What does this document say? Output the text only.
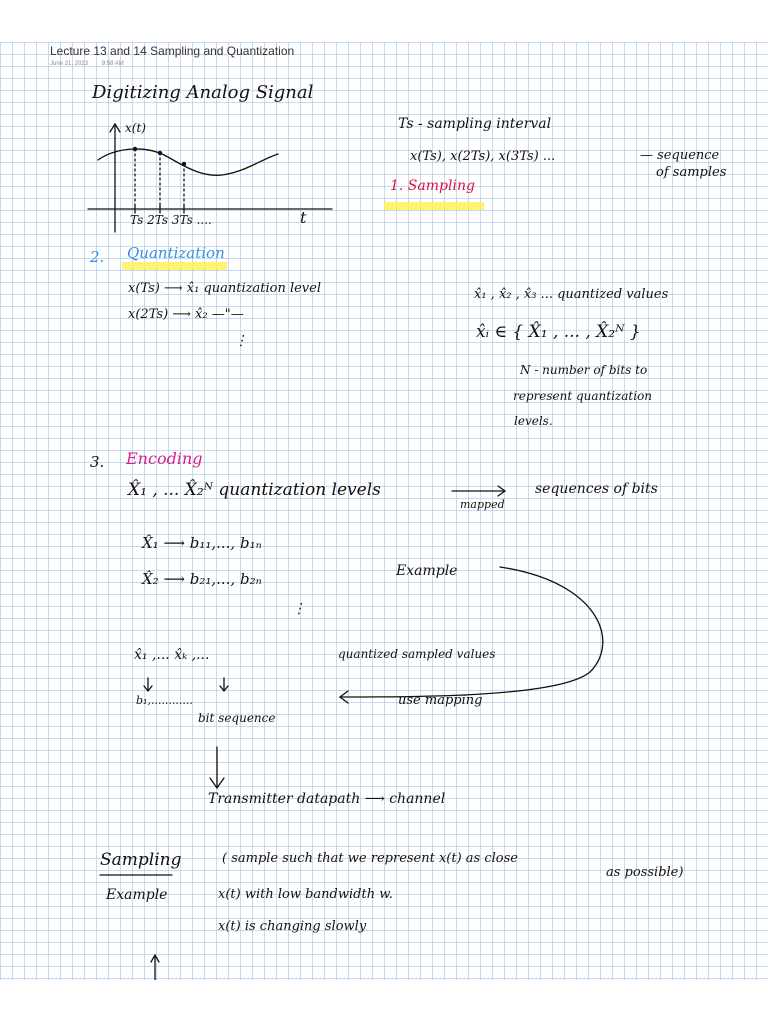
Lecture 13 and 14 Sampling and Quantization
June 21, 2023 9:58 AM
Digitizing Analog Signal
x(t)
t
Ts 2Ts 3Ts ....
Ts - sampling interval
x(Ts), x(2Ts), x(3Ts) ...	— sequence
of samples
1. Sampling
2. Quantization
x(Ts) ⟶ x̂₁ quantization level
x(2Ts) ⟶ x̂₂ —"—
⋮
x̂₁ , x̂₂ , x̂₃ ... quantized values
x̂ᵢ ∈ { X̂₁ , ... , X̂₂ᴺ }
N - number of bits to
represent quantization
levels.
3. Encoding
X̂₁ , ... X̂₂ᴺ quantization levels	sequences of bits
mapped
X̂₁ ⟶ b₁₁,..., b₁ₙ
X̂₂ ⟶ b₂₁,..., b₂ₙ
⋮
Example
x̂₁ ,... x̂ₖ ,...	quantized sampled values
b₁,............
bit sequence
use mapping
Transmitter datapath ⟶ channel
Sampling	( sample such that we represent x(t) as close
as possible)
Example	x(t) with low bandwidth w.
x(t) is changing slowly
